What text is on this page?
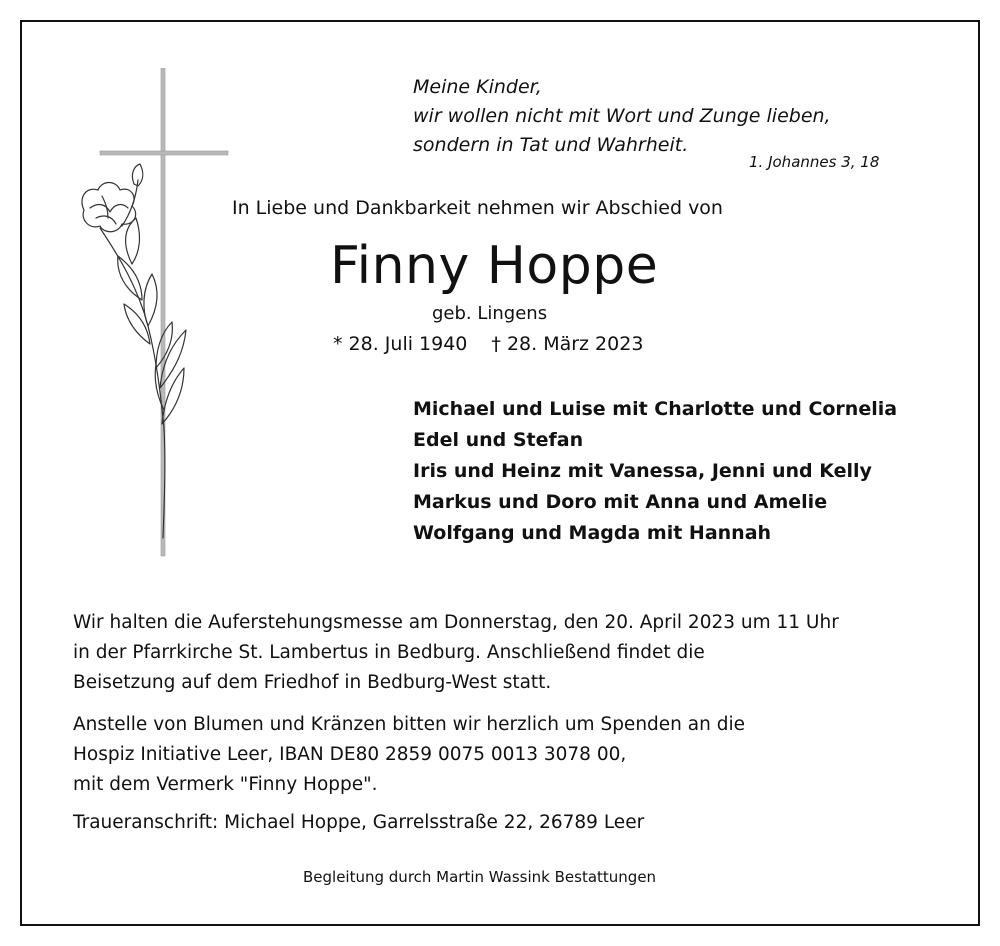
Meine Kinder,
wir wollen nicht mit Wort und Zunge lieben,
sondern in Tat und Wahrheit.
1. Johannes 3, 18
In Liebe und Dankbarkeit nehmen wir Abschied von
Finny Hoppe
geb. Lingens
* 28. Juli 1940 † 28. März 2023
Michael und Luise mit Charlotte und Cornelia
Edel und Stefan
Iris und Heinz mit Vanessa, Jenni und Kelly
Markus und Doro mit Anna und Amelie
Wolfgang und Magda mit Hannah
Wir halten die Auferstehungsmesse am Donnerstag, den 20. April 2023 um 11 Uhr
in der Pfarrkirche St. Lambertus in Bedburg. Anschließend findet die
Beisetzung auf dem Friedhof in Bedburg-West statt.
Anstelle von Blumen und Kränzen bitten wir herzlich um Spenden an die
Hospiz Initiative Leer, IBAN DE80 2859 0075 0013 3078 00,
mit dem Vermerk "Finny Hoppe".
Traueranschrift: Michael Hoppe, Garrelsstraße 22, 26789 Leer
Begleitung durch Martin Wassink Bestattungen
